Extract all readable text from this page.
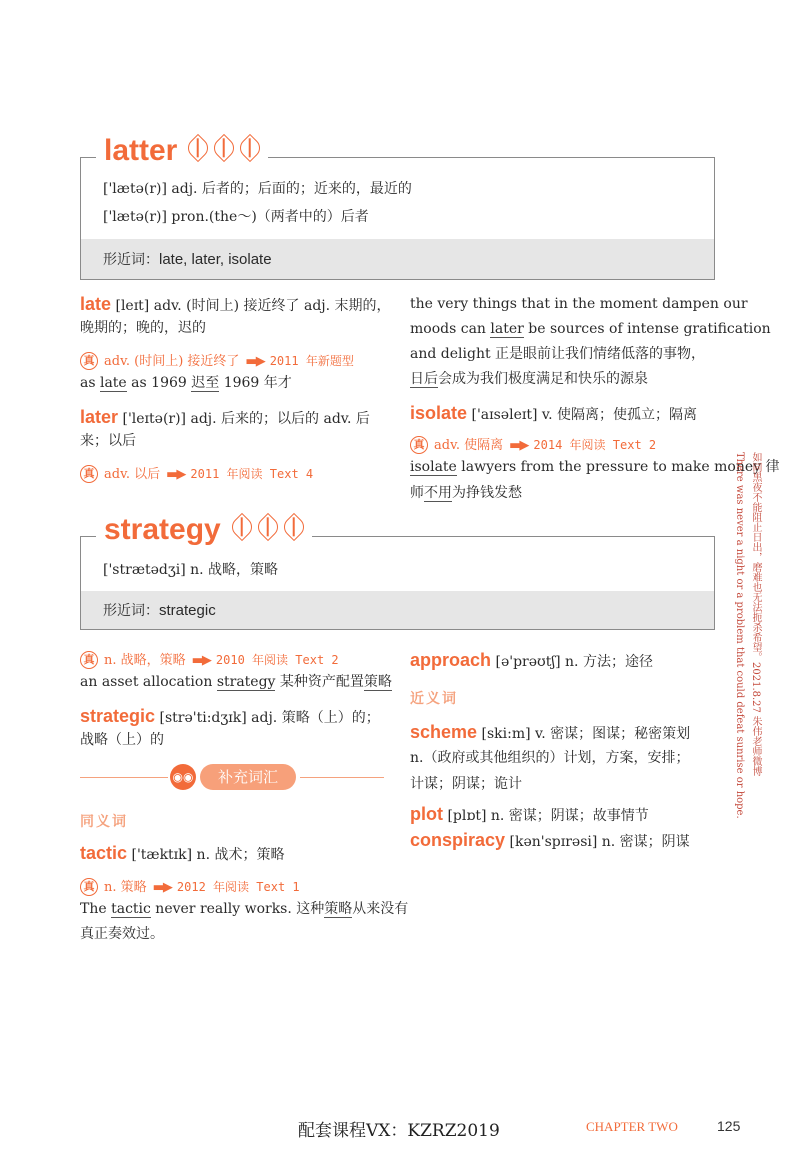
['lætə(r)] adj. 后者的；后面的；近来的，最近的
['lætə(r)] pron.(the～)（两者中的）后者
形近词：late, later, isolate
latter
late [leɪt] adv. (时间上) 接近终了 adj. 末期的，
晚期的；晚的，迟的
真 adv. (时间上) 接近终了 ▬▶ 2011 年新题型
as late as 1969 迟至 1969 年才
later ['leɪtə(r)] adj. 后来的；以后的 adv. 后
来；以后
真 adv. 以后 ▬▶ 2011 年阅读 Text 4
the very things that in the moment dampen our
moods can later be sources of intense gratification
and delight 正是眼前让我们情绪低落的事物，
日后会成为我们极度满足和快乐的源泉
isolate ['aɪsəleɪt] v. 使隔离；使孤立；隔离
真 adv. 使隔离 ▬▶ 2014 年阅读 Text 2
isolate lawyers from the pressure to make money 律
师不用为挣钱发愁
['strætədʒi] n. 战略，策略
形近词：strategic
strategy
真 n. 战略，策略 ▬▶ 2010 年阅读 Text 2
an asset allocation strategy 某种资产配置策略
strategic [strə'ti:dʒɪk] adj. 策略（上）的；
战略（上）的
◉◉	补充词汇
同义词
tactic ['tæktɪk] n. 战术；策略
真 n. 策略 ▬▶ 2012 年阅读 Text 1
The tactic never really works. 这种策略从来没有
真正奏效过。
approach [ə'prəʊtʃ] n. 方法；途径
近义词
scheme [ski:m] v. 密谋；图谋；秘密策划
n.（政府或其他组织的）计划，方案，安排；
计谋；阴谋；诡计
plot [plɒt] n. 密谋；阴谋；故事情节
conspiracy [kən'spɪrəsi] n. 密谋；阴谋
如同黑夜不能阻止日出，磨难也无法扼杀希望。2021.8.27 朱伟老师微博
There was never a night or a problem that could defeat sunrise or hope.
配套课程VX：KZRZ2019	CHAPTER TWO	125
